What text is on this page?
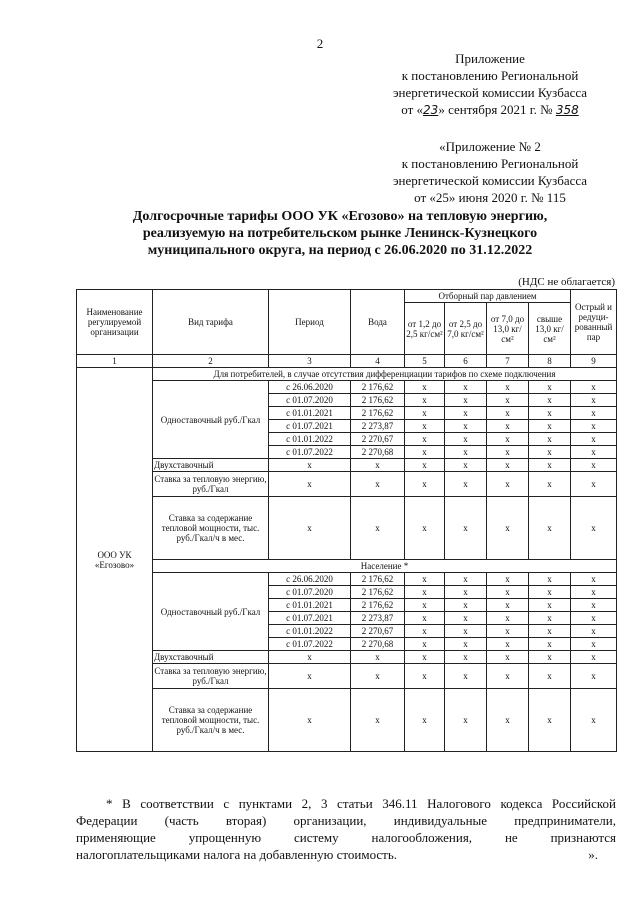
2
Приложение
к постановлению Региональной
энергетической комиссии Кузбасса
от «23» сентября 2021 г. № 358
«Приложение № 2
к постановлению Региональной
энергетической комиссии Кузбасса
от «25» июня 2020 г. № 115
Долгосрочные тарифы ООО УК «Егозово» на тепловую энергию,
реализуемую на потребительском рынке Ленинск-Кузнецкого
муниципального округа, на период с 26.06.2020 по 31.12.2022
(НДС не облагается)
Наименование регулируемой организации	Вид тарифа	Период	Вода	Отборный пар давлением				Острый и редуци-рованный пар
				от 1,2 до 2,5 кг/см²	от 2,5 до 7,0 кг/см²	от 7,0 до 13,0 кг/см²	свыше 13,0 кг/см²	
1	2	3	4	5	6	7	8	9
ООО УК «Егозово»	Для потребителей, в случае отсутствия дифференциации тарифов по схеме подключения							
	Одноставочный руб./Гкал	с 26.06.2020	2 176,62	х	х	х	х	х
		с 01.07.2020	2 176,62	х	х	х	х	х
		с 01.01.2021	2 176,62	х	х	х	х	х
		с 01.07.2021	2 273,87	х	х	х	х	х
		с 01.01.2022	2 270,67	х	х	х	х	х
		с 01.07.2022	2 270,68	х	х	х	х	х
	Двухставочный	х	х	х	х	х	х	х
	Ставка за тепловую энергию, руб./Гкал	х	х	х	х	х	х	х
	Ставка за содержание тепловой мощности, тыс. руб./Гкал/ч в мес.	х	х	х	х	х	х	х
	Население *							
	Одноставочный руб./Гкал	с 26.06.2020	2 176,62	х	х	х	х	х
		с 01.07.2020	2 176,62	х	х	х	х	х
		с 01.01.2021	2 176,62	х	х	х	х	х
		с 01.07.2021	2 273,87	х	х	х	х	х
		с 01.01.2022	2 270,67	х	х	х	х	х
		с 01.07.2022	2 270,68	х	х	х	х	х
	Двухставочный	х	х	х	х	х	х	х
	Ставка за тепловую энергию, руб./Гкал	х	х	х	х	х	х	х
	Ставка за содержание тепловой мощности, тыс. руб./Гкал/ч в мес.	х	х	х	х	х	х	х
* В соответствии с пунктами 2, 3 статьи 346.11 Налогового кодекса Российской
Федерации (часть вторая) организации, индивидуальные предприниматели,
применяющие упрощенную систему налогообложения, не признаются
налогоплательщиками налога на добавленную стоимость.	».
